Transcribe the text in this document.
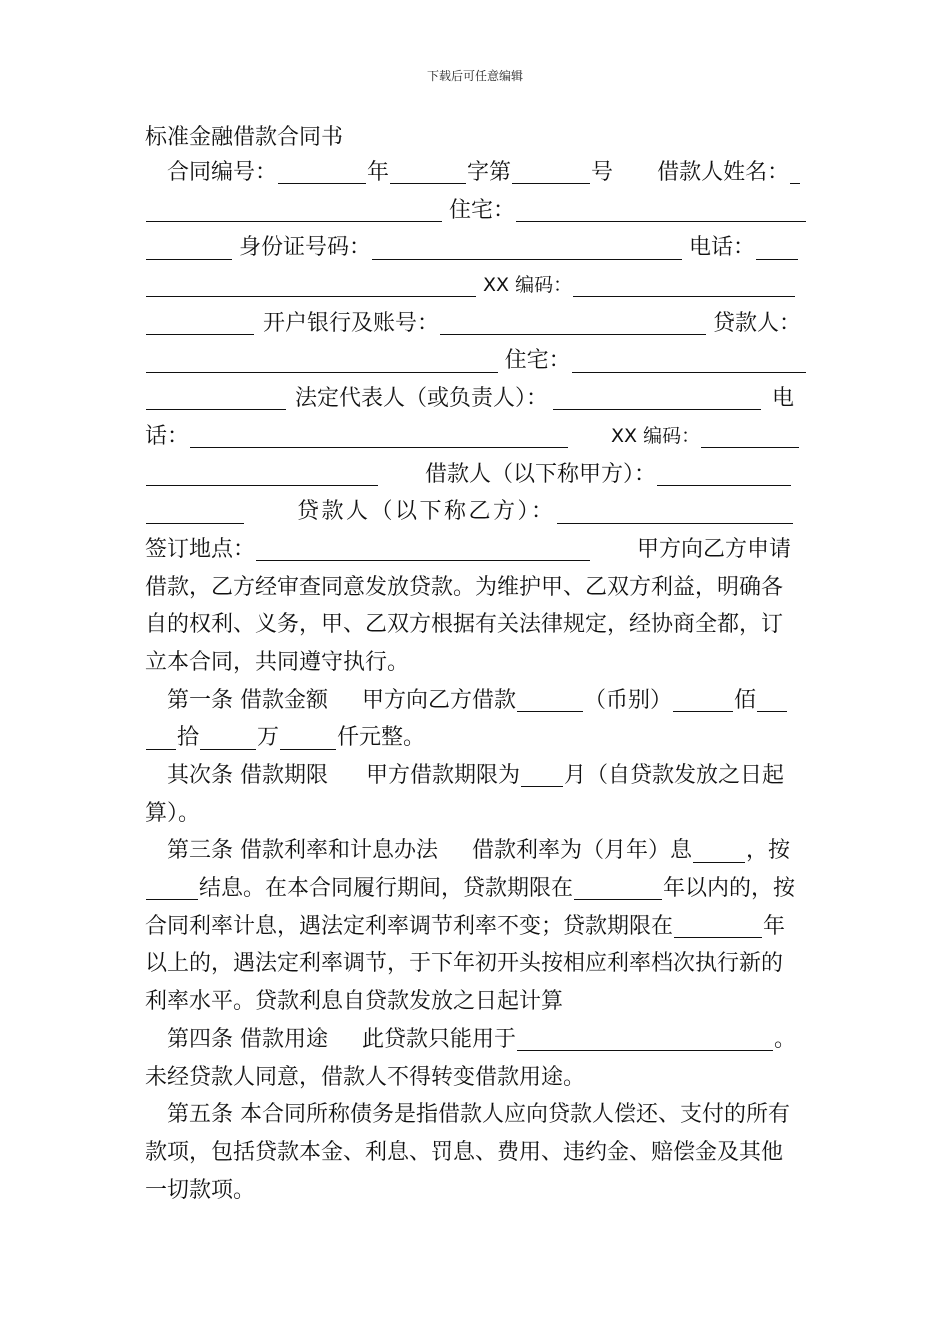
下载后可任意编辑
标准金融借款合同书
合同编号：	年	字第	号 借款人姓名：
住宅：
身份证号码：	电话：
XX 编码：
开户银行及账号：	贷款人：
住宅：
法定代表人（或负责人）：	电
话：	XX 编码：
借款人（以下称甲方）：
贷款人（以下称乙方）：
签订地点：	甲方向乙方申请
借款，乙方经审查同意发放贷款。为维护甲、乙双方利益，明确各
自的权利、义务，甲、乙双方根据有关法律规定，经协商全都，订
立本合同，共同遵守执行。
第一条 借款金额 甲方向乙方借款	（币别）	佰
拾	万	仟元整。
其次条 借款期限 甲方借款期限为 月（自贷款发放之日起
算）。
第三条 借款利率和计息办法 借款利率为（月年）息 ，按
结息。在本合同履行期间，贷款期限在	年以内的，按
合同利率计息，遇法定利率调节利率不变；贷款期限在	年
以上的，遇法定利率调节，于下年初开头按相应利率档次执行新的
利率水平。贷款利息自贷款发放之日起计算
第四条 借款用途 此贷款只能用于	。
未经贷款人同意，借款人不得转变借款用途。
第五条 本合同所称债务是指借款人应向贷款人偿还、支付的所有
款项，包括贷款本金、利息、罚息、费用、违约金、赔偿金及其他
一切款项。
